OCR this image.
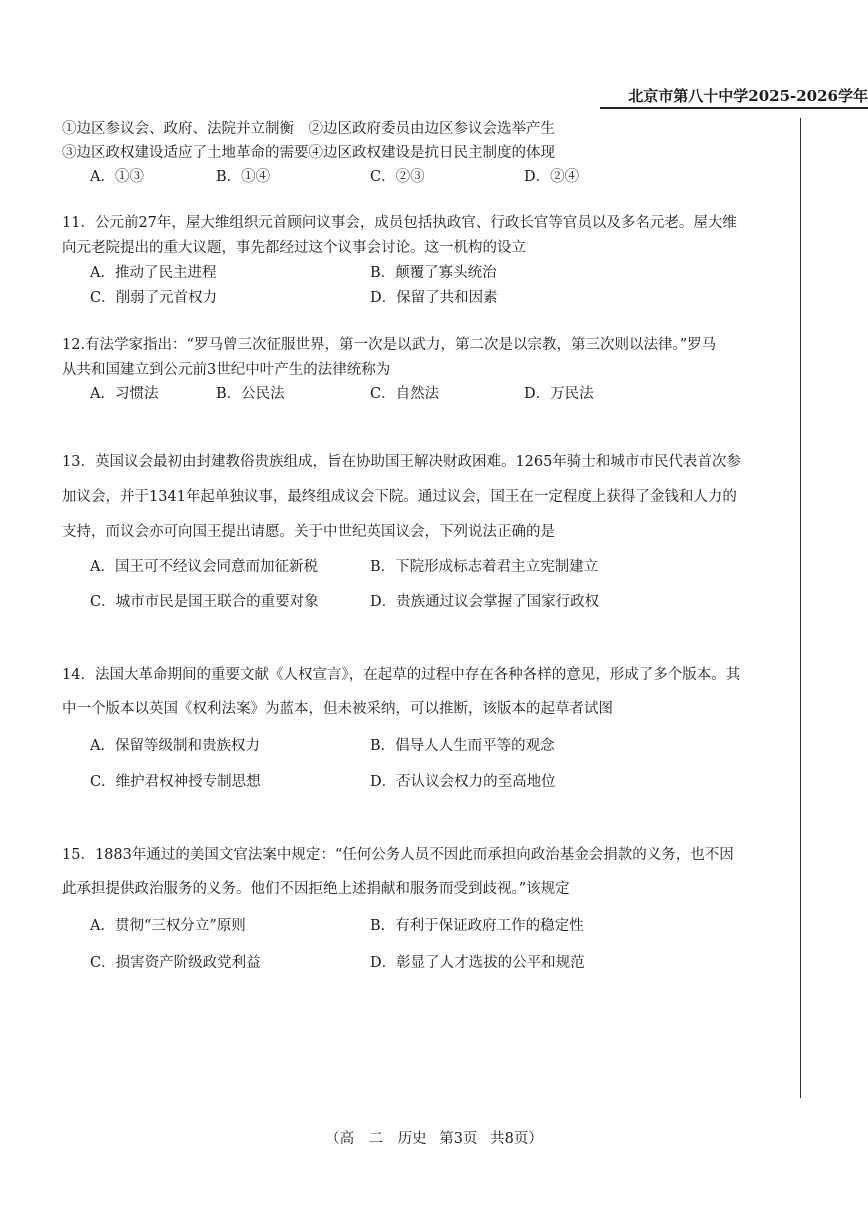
北京市第八十中学2025-2026学年
①边区参议会、政府、法院并立制衡　②边区政府委员由边区参议会选举产生
③边区政权建设适应了土地革命的需要④边区政权建设是抗日民主制度的体现
A．①③	B．①④	C．②③	D．②④
11．公元前27年，屋大维组织元首顾问议事会，成员包括执政官、行政长官等官员以及多名元老。屋大维
向元老院提出的重大议题，事先都经过这个议事会讨论。这一机构的设立
A．推动了民主进程	B．颠覆了寡头统治
C．削弱了元首权力	D．保留了共和因素
12.有法学家指出：“罗马曾三次征服世界，第一次是以武力，第二次是以宗教，第三次则以法律。”罗马
从共和国建立到公元前3世纪中叶产生的法律统称为
A．习惯法	B．公民法	C．自然法	D．万民法
13．英国议会最初由封建教俗贵族组成，旨在协助国王解决财政困难。1265年骑士和城市市民代表首次参
加议会，并于1341年起单独议事，最终组成议会下院。通过议会，国王在一定程度上获得了金钱和人力的
支持，而议会亦可向国王提出请愿。关于中世纪英国议会，下列说法正确的是
A．国王可不经议会同意而加征新税	B．下院形成标志着君主立宪制建立
C．城市市民是国王联合的重要对象	D．贵族通过议会掌握了国家行政权
14．法国大革命期间的重要文献《人权宣言》，在起草的过程中存在各种各样的意见，形成了多个版本。其
中一个版本以英国《权利法案》为蓝本，但未被采纳，可以推断，该版本的起草者试图
A．保留等级制和贵族权力	B．倡导人人生而平等的观念
C．维护君权神授专制思想	D．否认议会权力的至高地位
15．1883年通过的美国文官法案中规定：“任何公务人员不因此而承担向政治基金会捐款的义务，也不因
此承担提供政治服务的义务。他们不因拒绝上述捐献和服务而受到歧视。”该规定
A．贯彻“三权分立”原则	B．有利于保证政府工作的稳定性
C．损害资产阶级政党利益	D．彰显了人才选拔的公平和规范
（高　二　历史 第3页 共8页）
